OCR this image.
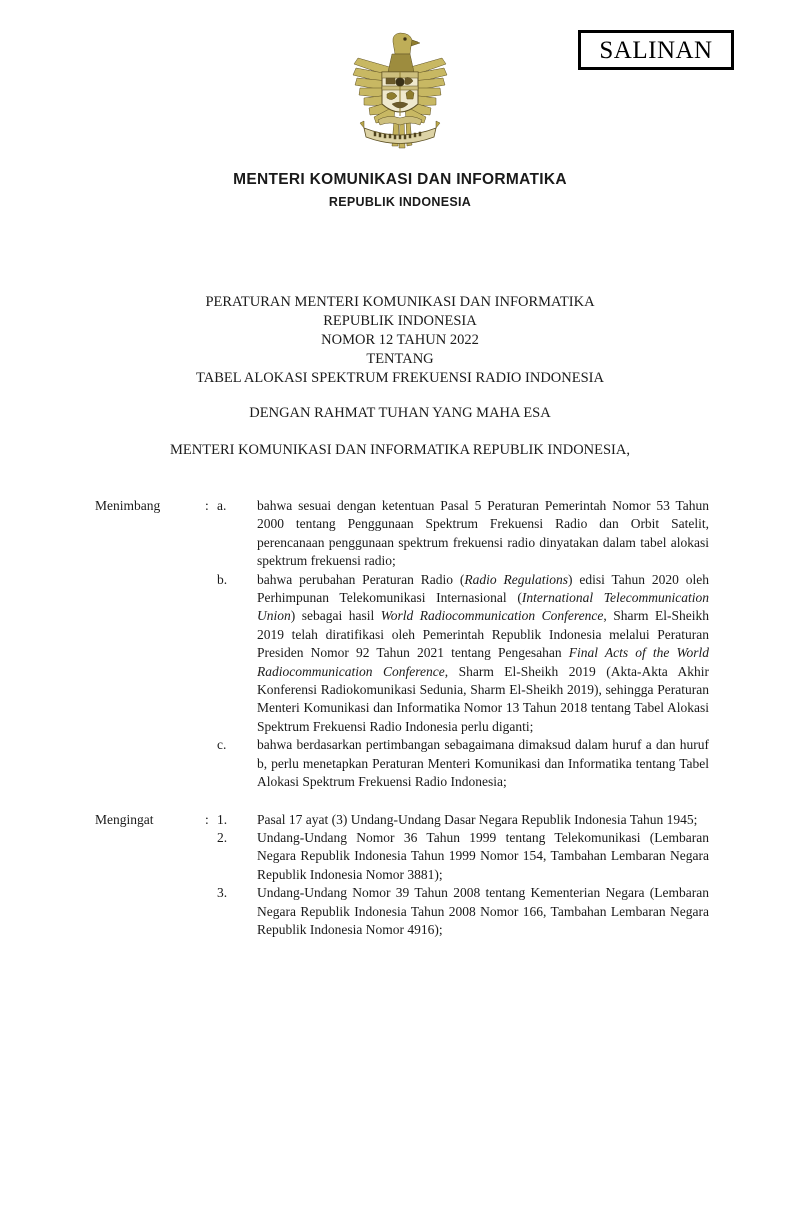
SALINAN
MENTERI KOMUNIKASI DAN INFORMATIKA
REPUBLIK INDONESIA
PERATURAN MENTERI KOMUNIKASI DAN INFORMATIKA
REPUBLIK INDONESIA
NOMOR 12 TAHUN 2022
TENTANG
TABEL ALOKASI SPEKTRUM FREKUENSI RADIO INDONESIA
DENGAN RAHMAT TUHAN YANG MAHA ESA
MENTERI KOMUNIKASI DAN INFORMATIKA REPUBLIK INDONESIA,
Menimbang	: a.	bahwa sesuai dengan ketentuan Pasal 5 Peraturan Pemerintah Nomor 53 Tahun 2000 tentang Penggunaan Spektrum Frekuensi Radio dan Orbit Satelit, perencanaan penggunaan spektrum frekuensi radio dinyatakan dalam tabel alokasi spektrum frekuensi radio;
b.	bahwa perubahan Peraturan Radio (Radio Regulations) edisi Tahun 2020 oleh Perhimpunan Telekomunikasi Internasional (International Telecommunication Union) sebagai hasil World Radiocommunication Conference, Sharm El-Sheikh 2019 telah diratifikasi oleh Pemerintah Republik Indonesia melalui Peraturan Presiden Nomor 92 Tahun 2021 tentang Pengesahan Final Acts of the World Radiocommunication Conference, Sharm El-Sheikh 2019 (Akta-Akta Akhir Konferensi Radiokomunikasi Sedunia, Sharm El-Sheikh 2019), sehingga Peraturan Menteri Komunikasi dan Informatika Nomor 13 Tahun 2018 tentang Tabel Alokasi Spektrum Frekuensi Radio Indonesia perlu diganti;
c.	bahwa berdasarkan pertimbangan sebagaimana dimaksud dalam huruf a dan huruf b, perlu menetapkan Peraturan Menteri Komunikasi dan Informatika tentang Tabel Alokasi Spektrum Frekuensi Radio Indonesia;
Mengingat	: 1.	Pasal 17 ayat (3) Undang-Undang Dasar Negara Republik Indonesia Tahun 1945;
2.	Undang-Undang Nomor 36 Tahun 1999 tentang Telekomunikasi (Lembaran Negara Republik Indonesia Tahun 1999 Nomor 154, Tambahan Lembaran Negara Republik Indonesia Nomor 3881);
3.	Undang-Undang Nomor 39 Tahun 2008 tentang Kementerian Negara (Lembaran Negara Republik Indonesia Tahun 2008 Nomor 166, Tambahan Lembaran Negara Republik Indonesia Nomor 4916);
